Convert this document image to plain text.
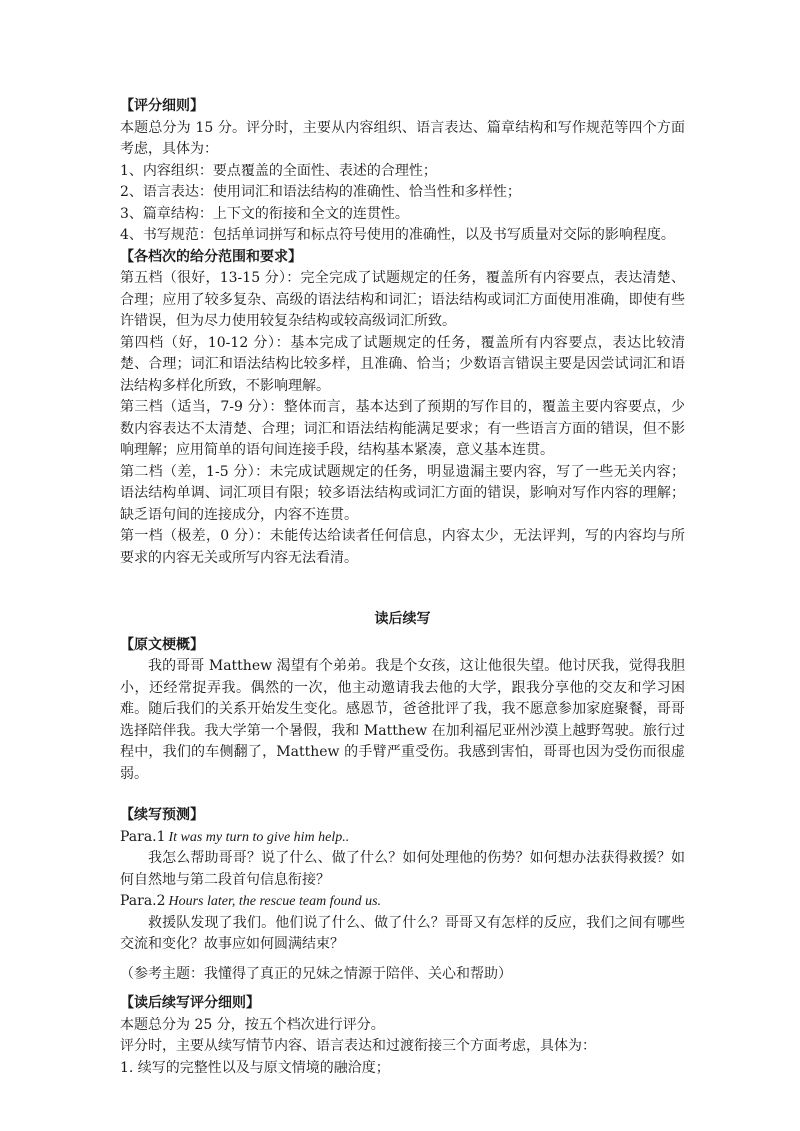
【评分细则】

本题总分为 15 分。评分时，主要从内容组织、语言表达、篇章结构和写作规范等四个方面考虑，具体为：

1、内容组织：要点覆盖的全面性、表述的合理性；

2、语言表达：使用词汇和语法结构的准确性、恰当性和多样性；

3、篇章结构：上下文的衔接和全文的连贯性。

4、书写规范：包括单词拼写和标点符号使用的准确性，以及书写质量对交际的影响程度。

【各档次的给分范围和要求】

第五档（很好，13-15 分）：完全完成了试题规定的任务，覆盖所有内容要点，表达清楚、合理；应用了较多复杂、高级的语法结构和词汇；语法结构或词汇方面使用准确，即使有些许错误，但为尽力使用较复杂结构或较高级词汇所致。

第四档（好，10-12 分）：基本完成了试题规定的任务，覆盖所有内容要点，表达比较清楚、合理；词汇和语法结构比较多样，且准确、恰当；少数语言错误主要是因尝试词汇和语法结构多样化所致，不影响理解。

第三档（适当，7-9 分）：整体而言，基本达到了预期的写作目的，覆盖主要内容要点，少数内容表达不太清楚、合理；词汇和语法结构能满足要求；有一些语言方面的错误，但不影响理解；应用简单的语句间连接手段，结构基本紧凑，意义基本连贯。

第二档（差，1-5 分）：未完成试题规定的任务，明显遗漏主要内容，写了一些无关内容；语法结构单调、词汇项目有限；较多语法结构或词汇方面的错误，影响对写作内容的理解；缺乏语句间的连接成分，内容不连贯。

第一档（极差，0 分）：未能传达给读者任何信息，内容太少，无法评判，写的内容均与所要求的内容无关或所写内容无法看清。

读后续写

【原文梗概】

我的哥哥 Matthew 渴望有个弟弟。我是个女孩，这让他很失望。他讨厌我，觉得我胆小，还经常捉弄我。偶然的一次，他主动邀请我去他的大学，跟我分享他的交友和学习困难。随后我们的关系开始发生变化。感恩节，爸爸批评了我，我不愿意参加家庭聚餐，哥哥选择陪伴我。我大学第一个暑假，我和 Matthew 在加利福尼亚州沙漠上越野驾驶。旅行过程中，我们的车侧翻了，Matthew 的手臂严重受伤。我感到害怕，哥哥也因为受伤而很虚弱。

【续写预测】

Para.1 It was my turn to give him help..

我怎么帮助哥哥？说了什么、做了什么？如何处理他的伤势？如何想办法获得救援？如何自然地与第二段首句信息衔接？

Para.2 Hours later, the rescue team found us.

救援队发现了我们。他们说了什么、做了什么？哥哥又有怎样的反应，我们之间有哪些交流和变化？故事应如何圆满结束？

（参考主题：我懂得了真正的兄妹之情源于陪伴、关心和帮助）

【读后续写评分细则】

本题总分为 25 分，按五个档次进行评分。

评分时，主要从续写情节内容、语言表达和过渡衔接三个方面考虑，具体为：

1. 续写的完整性以及与原文情境的融洽度；
